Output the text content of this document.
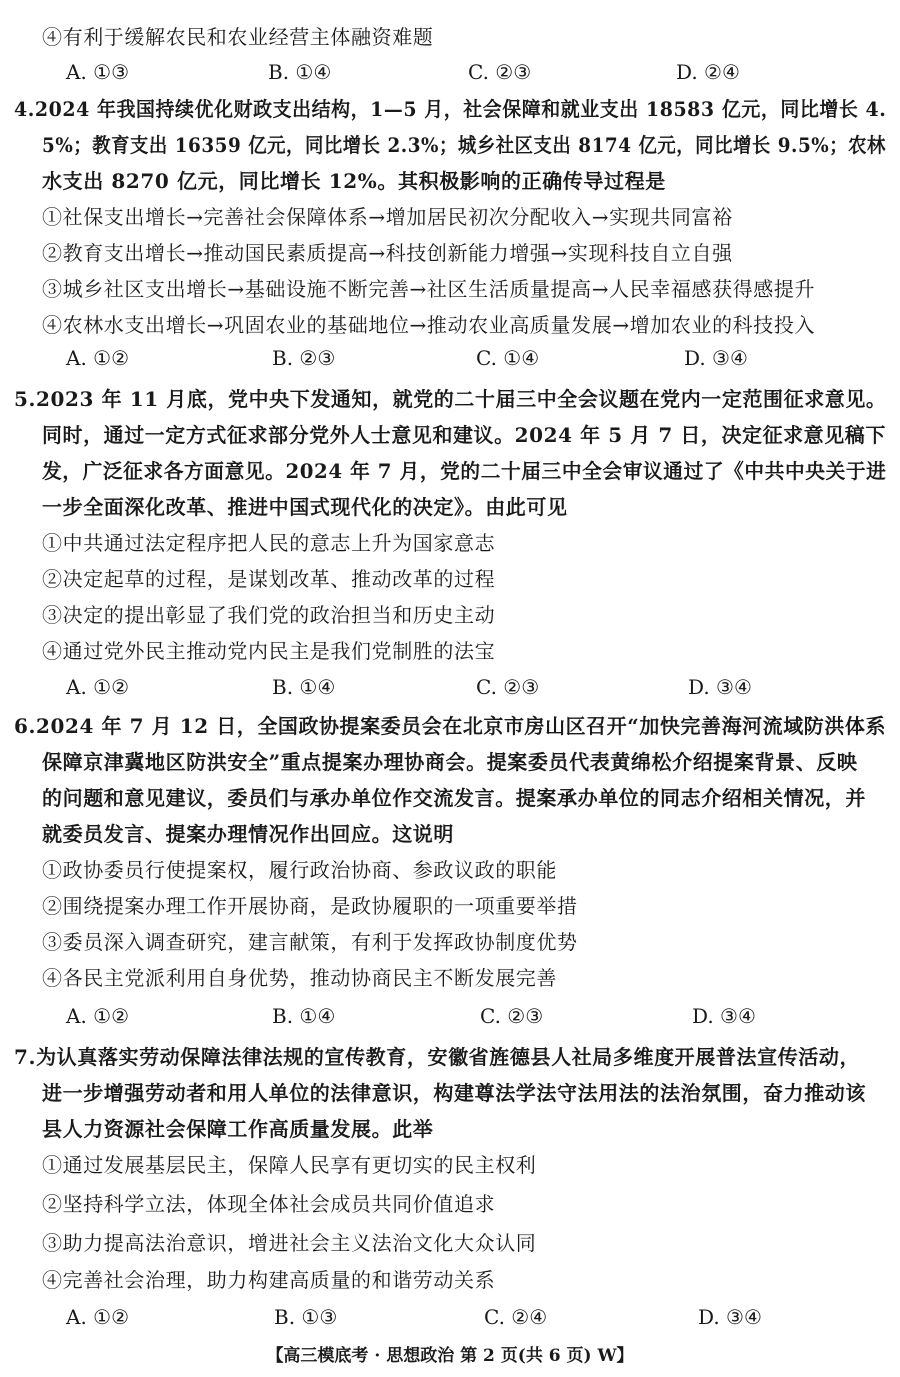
④有利于缓解农民和农业经营主体融资难题
A. ①③	B. ①④	C. ②③	D. ②④
4.2024 年我国持续优化财政支出结构，1—5 月，社会保障和就业支出 18583 亿元，同比增长 4.
5%；教育支出 16359 亿元，同比增长 2.3%；城乡社区支出 8174 亿元，同比增长 9.5%；农林
水支出 8270 亿元，同比增长 12%。其积极影响的正确传导过程是
①社保支出增长→完善社会保障体系→增加居民初次分配收入→实现共同富裕
②教育支出增长→推动国民素质提高→科技创新能力增强→实现科技自立自强
③城乡社区支出增长→基础设施不断完善→社区生活质量提高→人民幸福感获得感提升
④农林水支出增长→巩固农业的基础地位→推动农业高质量发展→增加农业的科技投入
A. ①②	B. ②③	C. ①④	D. ③④
5.2023 年 11 月底，党中央下发通知，就党的二十届三中全会议题在党内一定范围征求意见。
同时，通过一定方式征求部分党外人士意见和建议。2024 年 5 月 7 日，决定征求意见稿下
发，广泛征求各方面意见。2024 年 7 月，党的二十届三中全会审议通过了《中共中央关于进
一步全面深化改革、推进中国式现代化的决定》。由此可见
①中共通过法定程序把人民的意志上升为国家意志
②决定起草的过程，是谋划改革、推动改革的过程
③决定的提出彰显了我们党的政治担当和历史主动
④通过党外民主推动党内民主是我们党制胜的法宝
A. ①②	B. ①④	C. ②③	D. ③④
6.2024 年 7 月 12 日，全国政协提案委员会在北京市房山区召开“加快完善海河流域防洪体系
保障京津冀地区防洪安全”重点提案办理协商会。提案委员代表黄绵松介绍提案背景、反映
的问题和意见建议，委员们与承办单位作交流发言。提案承办单位的同志介绍相关情况，并
就委员发言、提案办理情况作出回应。这说明
①政协委员行使提案权，履行政治协商、参政议政的职能
②围绕提案办理工作开展协商，是政协履职的一项重要举措
③委员深入调查研究，建言献策，有利于发挥政协制度优势
④各民主党派利用自身优势，推动协商民主不断发展完善
A. ①②	B. ①④	C. ②③	D. ③④
7.为认真落实劳动保障法律法规的宣传教育，安徽省旌德县人社局多维度开展普法宣传活动，
进一步增强劳动者和用人单位的法律意识，构建尊法学法守法用法的法治氛围，奋力推动该
县人力资源社会保障工作高质量发展。此举
①通过发展基层民主，保障人民享有更切实的民主权利
②坚持科学立法，体现全体社会成员共同价值追求
③助力提高法治意识，增进社会主义法治文化大众认同
④完善社会治理，助力构建高质量的和谐劳动关系
A. ①②	B. ①③	C. ②④	D. ③④
【高三模底考 · 思想政治 第 2 页(共 6 页) W】
